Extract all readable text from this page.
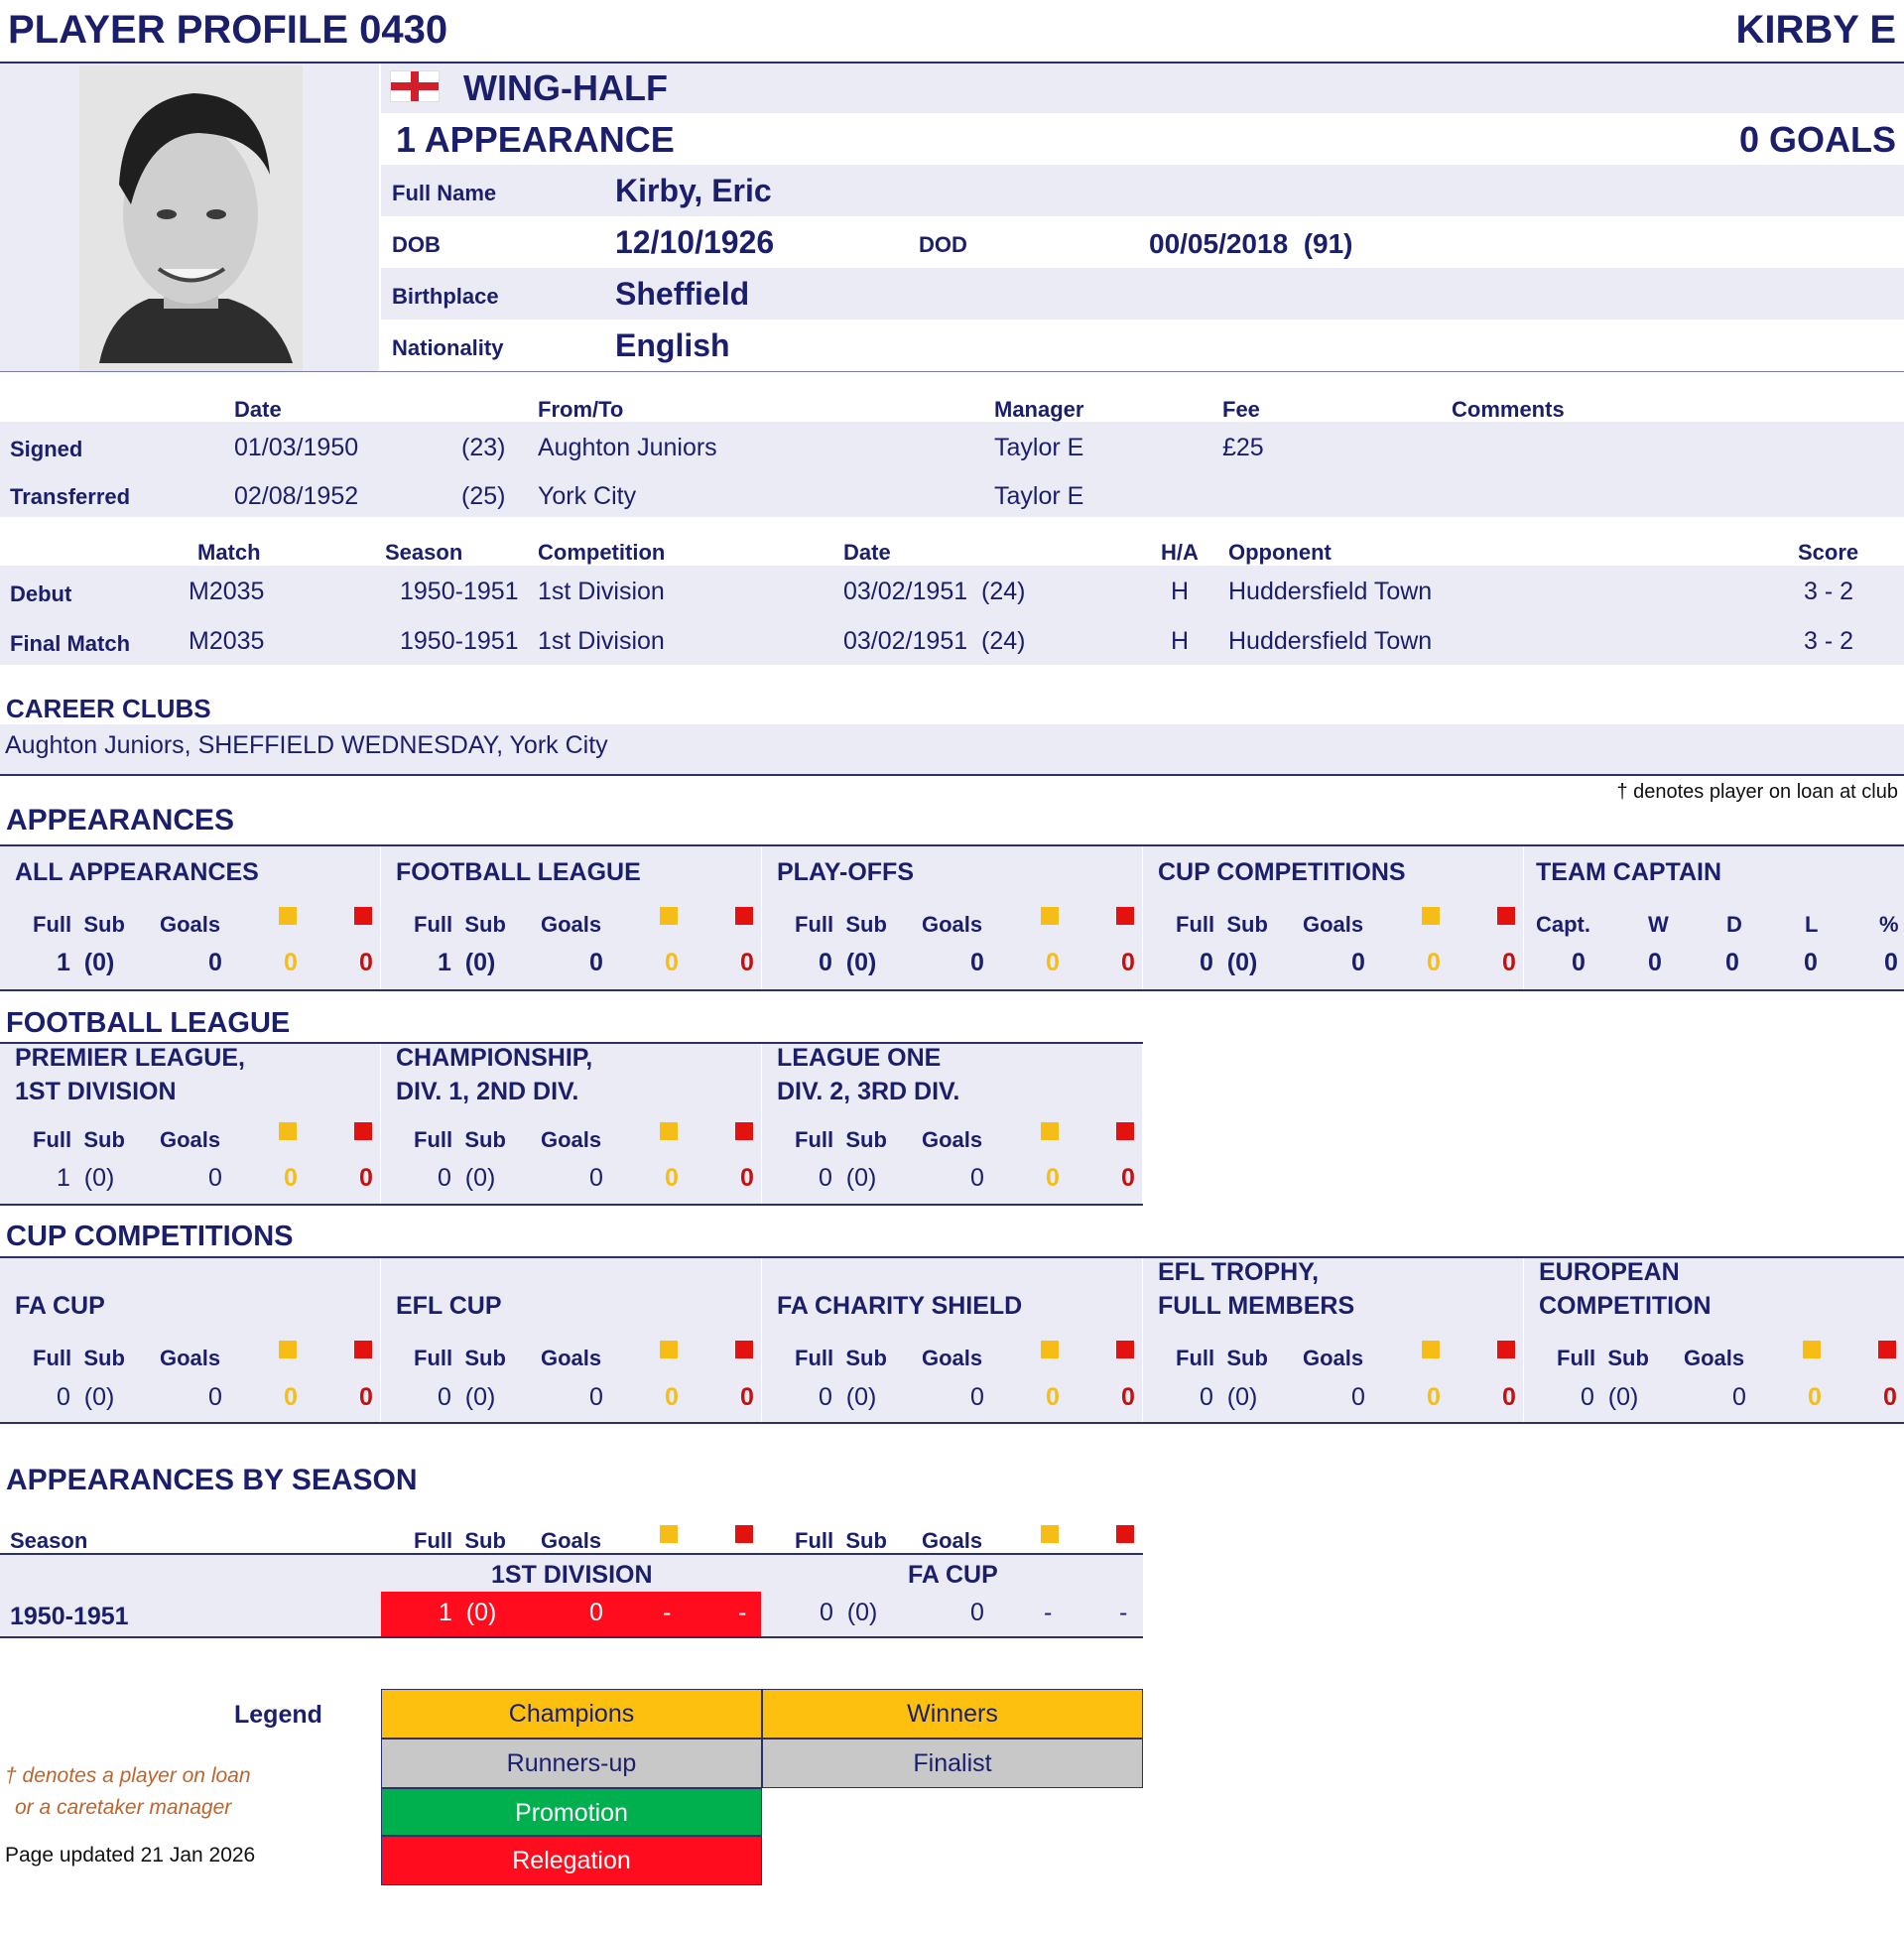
PLAYER PROFILE 0430	KIRBY E
WING-HALF
1 APPEARANCE	0 GOALS
Full Name	Kirby, Eric
DOB	12/10/1926	DOD	00/05/2018  (91)
Birthplace	Sheffield
Nationality	English
Date	From/To	Manager	Fee	Comments
Signed	01/03/1950	(23) Aughton Juniors	Taylor E	£25
Transferred	02/08/1952	(25) York City	Taylor E
Match	Season	Competition	Date	H/A Opponent	Score
Debut	M2035	1950-1951 1st Division	03/02/1951  (24)	H Huddersfield Town	3 - 2
Final Match M2035	1950-1951 1st Division	03/02/1951  (24)	H Huddersfield Town	3 - 2
CAREER CLUBS
Aughton Juniors, SHEFFIELD WEDNESDAY, York City
† denotes player on loan at club
APPEARANCES
FOOTBALL LEAGUE
CUP COMPETITIONS
APPEARANCES BY SEASON
Season	Full  Sub Goals	Full  Sub Goals
1ST DIVISION	FA CUP
1950-1951	1  (0)	0 -	-	0  (0)	0 -	-
Legend	Champions	Winners
Runners-up	Finalist
Promotion
Relegation
† denotes a player on loan
or a caretaker manager
Page updated 21 Jan 2026
ALL APPEARANCES
Full  Sub Goals
1  (0)	0 0 0
FOOTBALL LEAGUE
Full  Sub Goals
1  (0)	0 0 0
PLAY-OFFS
Full  Sub Goals
0  (0)	0 0 0
CUP COMPETITIONS
Full  Sub Goals
0  (0)	0 0 0
TEAM CAPTAIN
Capt.
0
W
0
D
0
L
0
%
0
PREMIER LEAGUE,
1ST DIVISION
Full  Sub Goals
1  (0)	0 0 0
CHAMPIONSHIP,
DIV. 1, 2ND DIV.
Full  Sub Goals
0  (0)	0 0 0
LEAGUE ONE
DIV. 2, 3RD DIV.
Full  Sub Goals
0  (0)	0 0 0
FA CUP
Full  Sub Goals
0  (0)	0 0 0
EFL CUP
Full  Sub Goals
0  (0)	0 0 0
FA CHARITY SHIELD
Full  Sub Goals
0  (0)	0 0 0
EFL TROPHY,
FULL MEMBERS
Full  Sub Goals
0  (0)	0 0 0
EUROPEAN
COMPETITION
Full  Sub Goals
0  (0)	0 0 0
